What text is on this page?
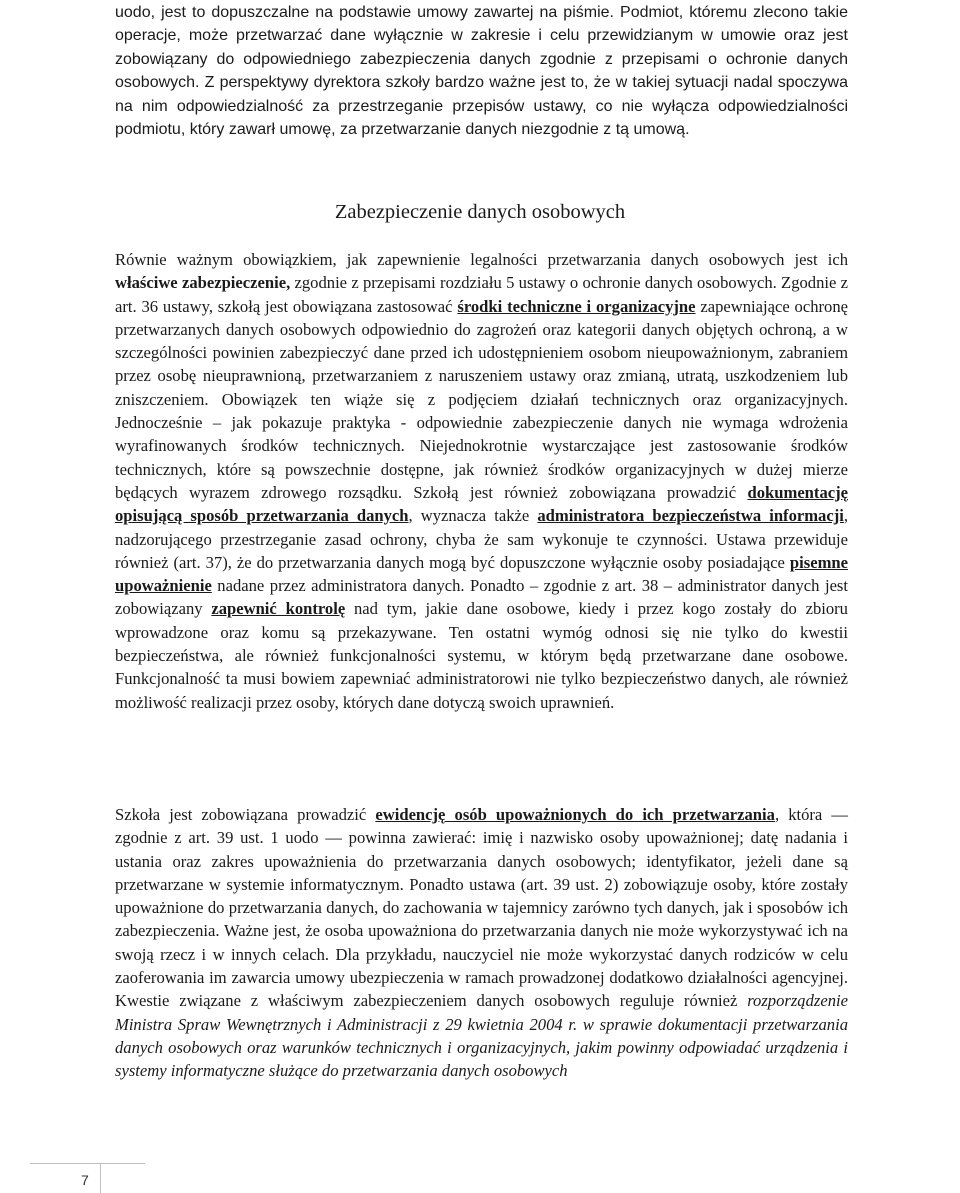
uodo, jest to dopuszczalne na podstawie umowy zawartej na piśmie. Podmiot, któremu zlecono takie operacje, może przetwarzać dane wyłącznie w zakresie i celu przewidzianym w umowie oraz jest zobowiązany do odpowiedniego zabezpieczenia danych zgodnie z przepisami o ochronie danych osobowych. Z perspektywy dyrektora szkoły bardzo ważne jest to, że w takiej sytuacji nadal spoczywa na nim odpowiedzialność za przestrzeganie przepisów ustawy, co nie wyłącza odpowiedzialności podmiotu, który zawarł umowę, za przetwarzanie danych niezgodnie z tą umową.

Zabezpieczenie danych osobowych

Równie ważnym obowiązkiem, jak zapewnienie legalności przetwarzania danych osobowych jest ich właściwe zabezpieczenie, zgodnie z przepisami rozdziału 5 ustawy o ochronie danych osobowych. Zgodnie z art. 36 ustawy, szkołą jest obowiązana zastosować środki techniczne i organizacyjne zapewniające ochronę przetwarzanych danych osobowych odpowiednio do zagrożeń oraz kategorii danych objętych ochroną, a w szczególności powinien zabezpieczyć dane przed ich udostępnieniem osobom nieupoważnionym, zabraniem przez osobę nieuprawnioną, przetwarzaniem z naruszeniem ustawy oraz zmianą, utratą, uszkodzeniem lub zniszczeniem. Obowiązek ten wiąże się z podjęciem działań technicznych oraz organizacyjnych. Jednocześnie – jak pokazuje praktyka - odpowiednie zabezpieczenie danych nie wymaga wdrożenia wyrafinowanych środków technicznych. Niejednokrotnie wystarczające jest zastosowanie środków technicznych, które są powszechnie dostępne, jak również środków organizacyjnych w dużej mierze będących wyrazem zdrowego rozsądku. Szkołą jest również zobowiązana prowadzić dokumentację opisującą sposób przetwarzania danych, wyznacza także administratora bezpieczeństwa informacji, nadzorującego przestrzeganie zasad ochrony, chyba że sam wykonuje te czynności. Ustawa przewiduje również (art. 37), że do przetwarzania danych mogą być dopuszczone wyłącznie osoby posiadające pisemne upoważnienie nadane przez administratora danych. Ponadto – zgodnie z art. 38 – administrator danych jest zobowiązany zapewnić kontrolę nad tym, jakie dane osobowe, kiedy i przez kogo zostały do zbioru wprowadzone oraz komu są przekazywane. Ten ostatni wymóg odnosi się nie tylko do kwestii bezpieczeństwa, ale również funkcjonalności systemu, w którym będą przetwarzane dane osobowe. Funkcjonalność ta musi bowiem zapewniać administratorowi nie tylko bezpieczeństwo danych, ale również możliwość realizacji przez osoby, których dane dotyczą swoich uprawnień.

Szkoła jest zobowiązana prowadzić ewidencję osób upoważnionych do ich przetwarzania, która — zgodnie z art. 39 ust. 1 uodo — powinna zawierać: imię i nazwisko osoby upoważnionej; datę nadania i ustania oraz zakres upoważnienia do przetwarzania danych osobowych; identyfikator, jeżeli dane są przetwarzane w systemie informatycznym. Ponadto ustawa (art. 39 ust. 2) zobowiązuje osoby, które zostały upoważnione do przetwarzania danych, do zachowania w tajemnicy zarówno tych danych, jak i sposobów ich zabezpieczenia. Ważne jest, że osoba upoważniona do przetwarzania danych nie może wykorzystywać ich na swoją rzecz i w innych celach. Dla przykładu, nauczyciel nie może wykorzystać danych rodziców w celu zaoferowania im zawarcia umowy ubezpieczenia w ramach prowadzonej dodatkowo działalności agencyjnej. Kwestie związane z właściwym zabezpieczeniem danych osobowych reguluje również rozporządzenie Ministra Spraw Wewnętrznych i Administracji z 29 kwietnia 2004 r. w sprawie dokumentacji przetwarzania danych osobowych oraz warunków technicznych i organizacyjnych, jakim powinny odpowiadać urządzenia i systemy informatyczne służące do przetwarzania danych osobowych

7
